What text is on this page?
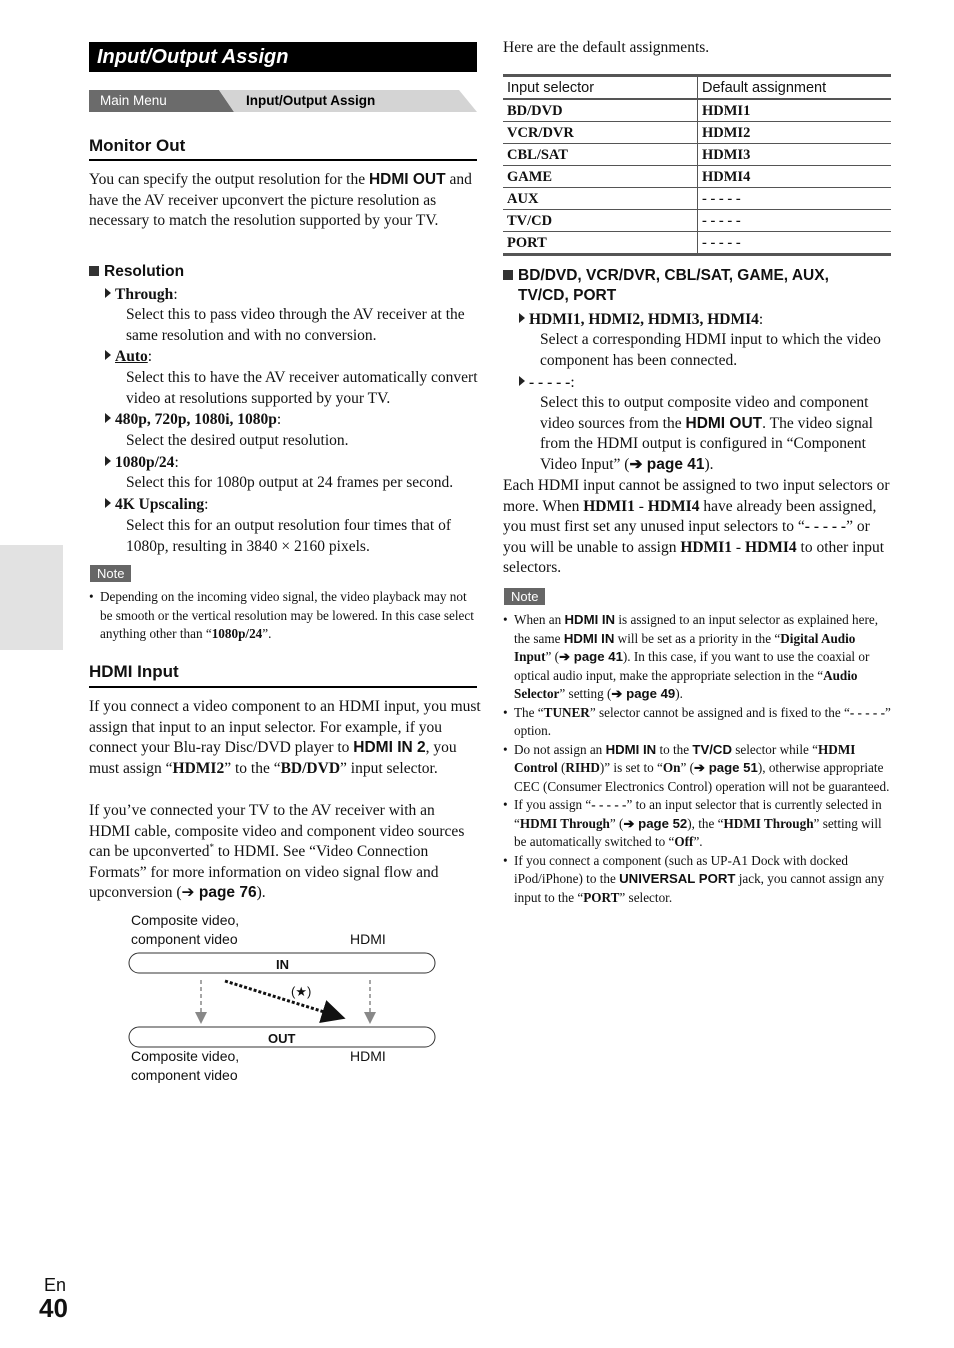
Input/Output Assign
Main Menu	Input/Output Assign
Monitor Out

You can specify the output resolution for the HDMI OUT and have the AV receiver upconvert the picture resolution as necessary to match the resolution supported by your TV.

Resolution
Through:

Select this to pass video through the AV receiver at the same resolution and with no conversion.

Auto:

Select this to have the AV receiver automatically convert video at resolutions supported by your TV.

480p, 720p, 1080i, 1080p:

Select the desired output resolution.

1080p/24:

Select this for 1080p output at 24 frames per second.

4K Upscaling:

Select this for an output resolution four times that of 1080p, resulting in 3840 × 2160 pixels.

Note
• Depending on the incoming video signal, the video playback may not be smooth or the vertical resolution may be lowered. In this case select anything other than “1080p/24”.
HDMI Input

If you connect a video component to an HDMI input, you must assign that input to an input selector. For example, if you connect your Blu-ray Disc/DVD player to HDMI IN 2, you must assign “HDMI2” to the “BD/DVD” input selector.

If you’ve connected your TV to the AV receiver with an HDMI cable, composite video and component video sources can be upconverted* to HDMI. See “Video Connection Formats” for more information on video signal flow and upconversion (➔ page 76).

Composite video,
component video	HDMI
IN
(★)
OUT
Composite video,
component video
HDMI

Here are the default assignments.

Input selector	Default assignment
BD/DVD	HDMI1
VCR/DVR	HDMI2
CBL/SAT	HDMI3
GAME	HDMI4
AUX	- - - - -
TV/CD	- - - - -
PORT	- - - - -
BD/DVD, VCR/DVR, CBL/SAT, GAME, AUX,
TV/CD, PORT
HDMI1, HDMI2, HDMI3, HDMI4:

Select a corresponding HDMI input to which the video component has been connected.

- - - - -:

Select this to output composite video and component video sources from the HDMI OUT. The video signal from the HDMI output is configured in “Component Video Input” (➔ page 41).

Each HDMI input cannot be assigned to two input selectors or more. When HDMI1 - HDMI4 have already been assigned, you must first set any unused input selectors to “- - - - -” or you will be unable to assign HDMI1 - HDMI4 to other input selectors.

Note
• When an HDMI IN is assigned to an input selector as explained here, the same HDMI IN will be set as a priority in the “Digital Audio Input” (➔ page 41). In this case, if you want to use the coaxial or optical audio input, make the appropriate selection in the “Audio Selector” setting (➔ page 49).
• The “TUNER” selector cannot be assigned and is fixed to the “- - - - -” option.
• Do not assign an HDMI IN to the TV/CD selector while “HDMI Control (RIHD)” is set to “On” (➔ page 51), otherwise appropriate CEC (Consumer Electronics Control) operation will not be guaranteed.
• If you assign “- - - - -” to an input selector that is currently selected in “HDMI Through” (➔ page 52), the “HDMI Through” setting will be automatically switched to “Off”.
• If you connect a component (such as UP-A1 Dock with docked iPod/iPhone) to the UNIVERSAL PORT jack, you cannot assign any input to the “PORT” selector.
En
40
